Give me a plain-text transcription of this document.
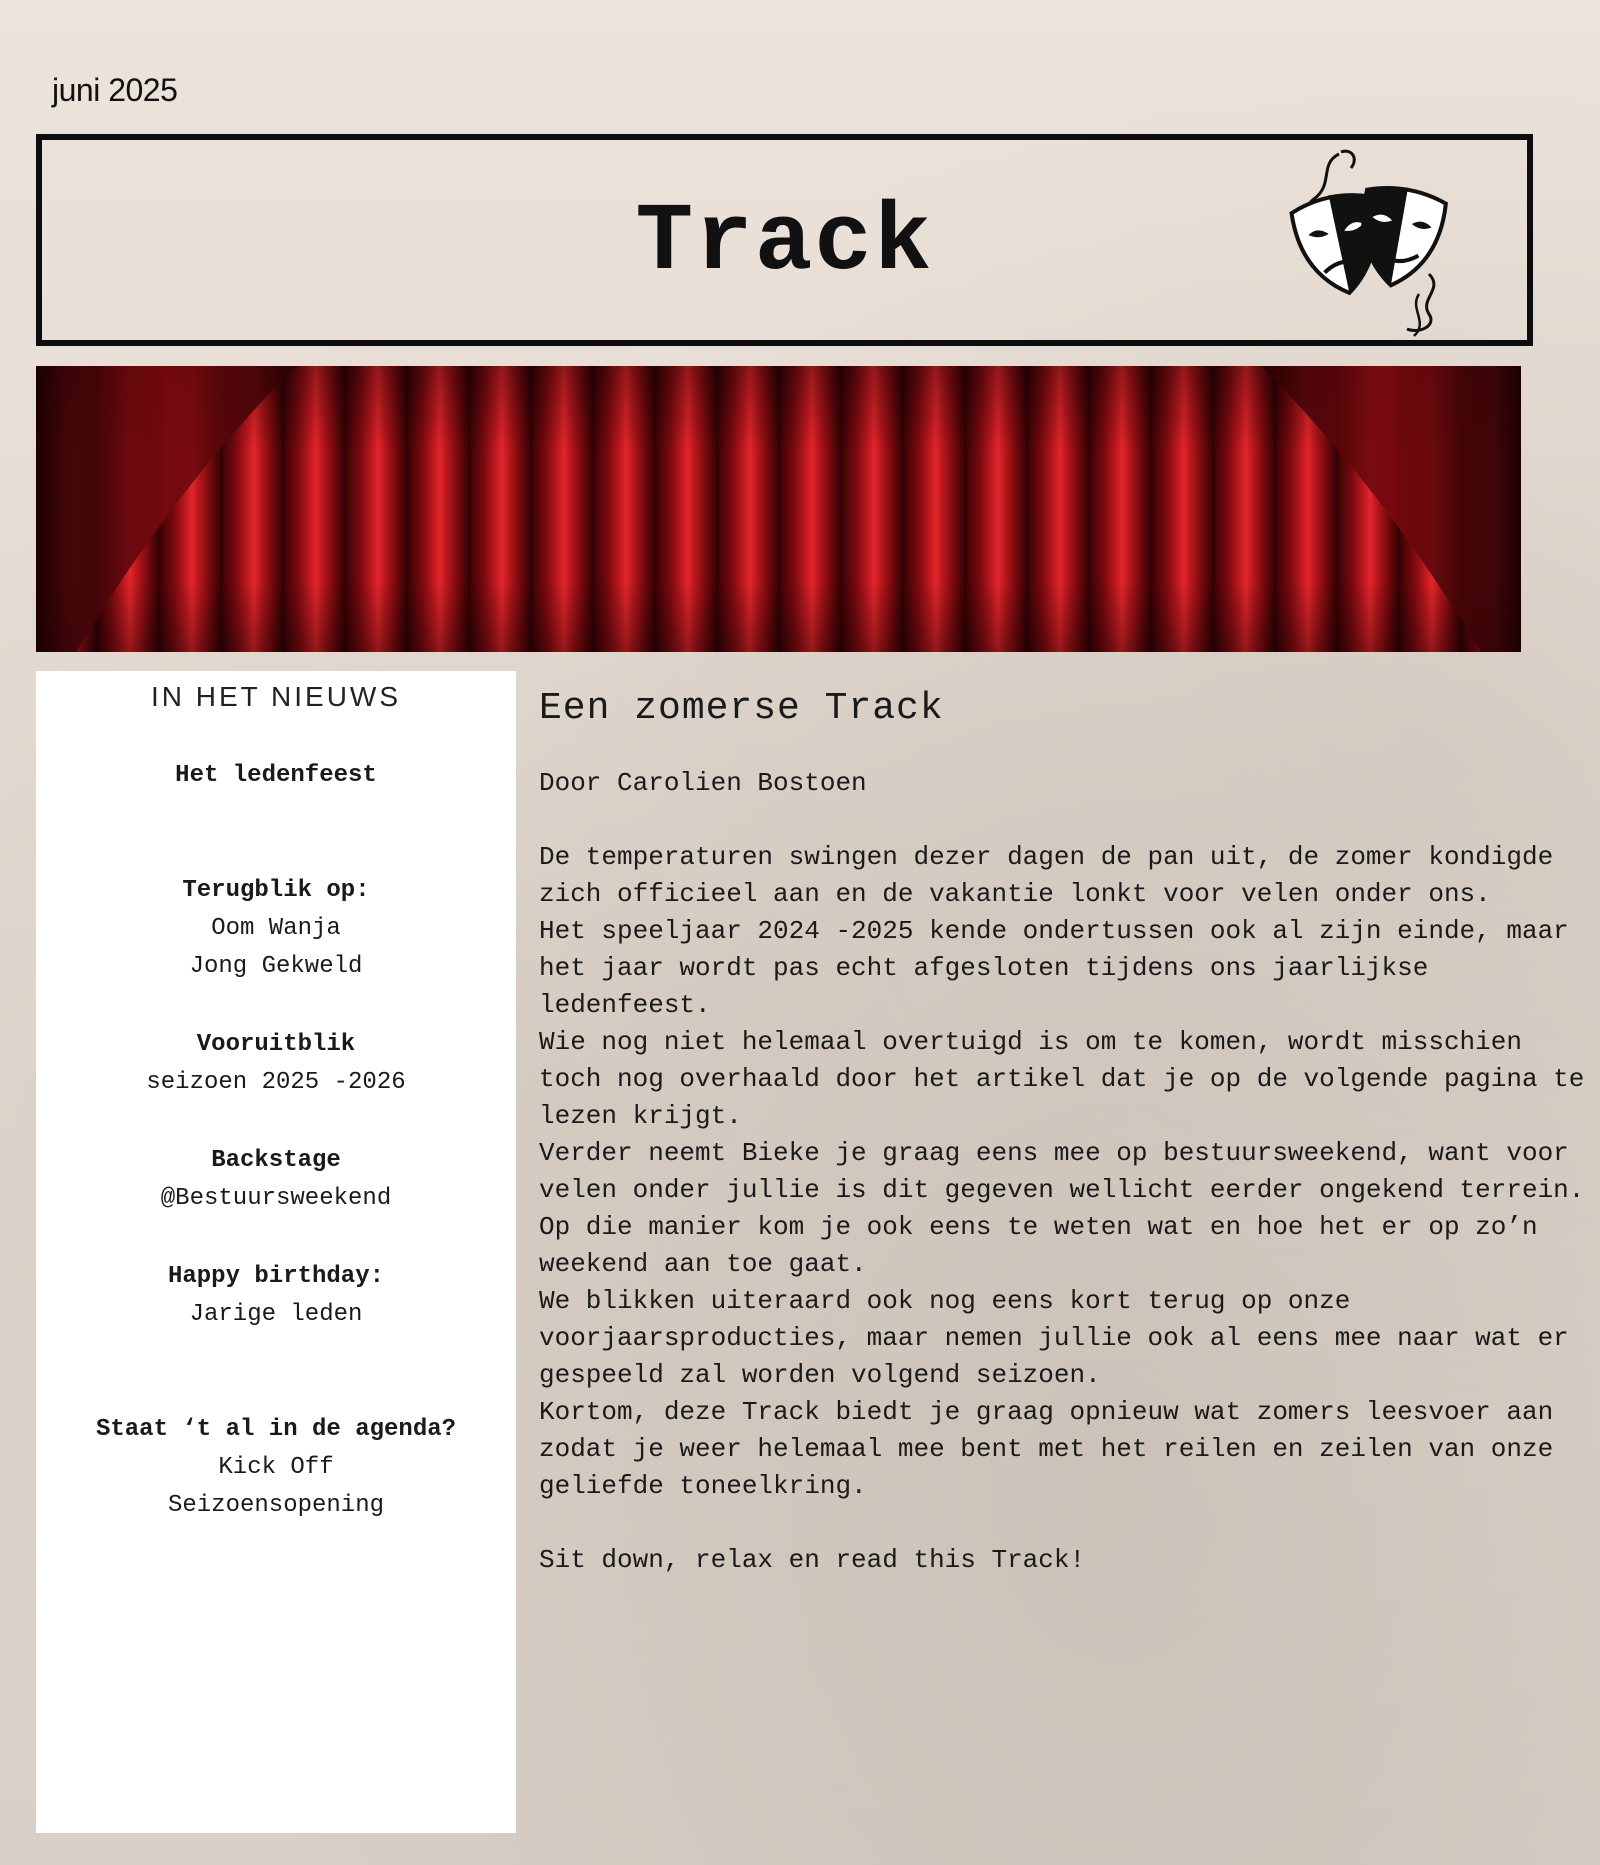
juni 2025
Track
IN HET NIEUWS
Het ledenfeest
Terugblik op:
Oom Wanja
Jong Gekweld
Vooruitblik
seizoen 2025 -2026
Backstage
@Bestuursweekend
Happy birthday:
Jarige leden
Staat ‘t al in de agenda?
Kick Off
Seizoensopening
Een zomerse Track

Door Carolien Bostoen

De temperaturen swingen dezer dagen de pan uit, de zomer kondigde zich officieel aan en de vakantie lonkt voor velen onder ons.

Het speeljaar 2024 -2025 kende ondertussen ook al zijn einde, maar het jaar wordt pas echt afgesloten tijdens ons jaarlijkse ledenfeest.

Wie nog niet helemaal overtuigd is om te komen, wordt misschien toch nog overhaald door het artikel dat je op de volgende pagina te lezen krijgt.

Verder neemt Bieke je graag eens mee op bestuursweekend, want voor velen onder jullie is dit gegeven wellicht eerder ongekend terrein. Op die manier kom je ook eens te weten wat en hoe het er op zo’n weekend aan toe gaat.

We blikken uiteraard ook nog eens kort terug op onze voorjaarsproducties, maar nemen jullie ook al eens mee naar wat er gespeeld zal worden volgend seizoen.

Kortom, deze Track biedt je graag opnieuw wat zomers leesvoer aan zodat je weer helemaal mee bent met het reilen en zeilen van onze geliefde toneelkring.

Sit down, relax en read this Track!
